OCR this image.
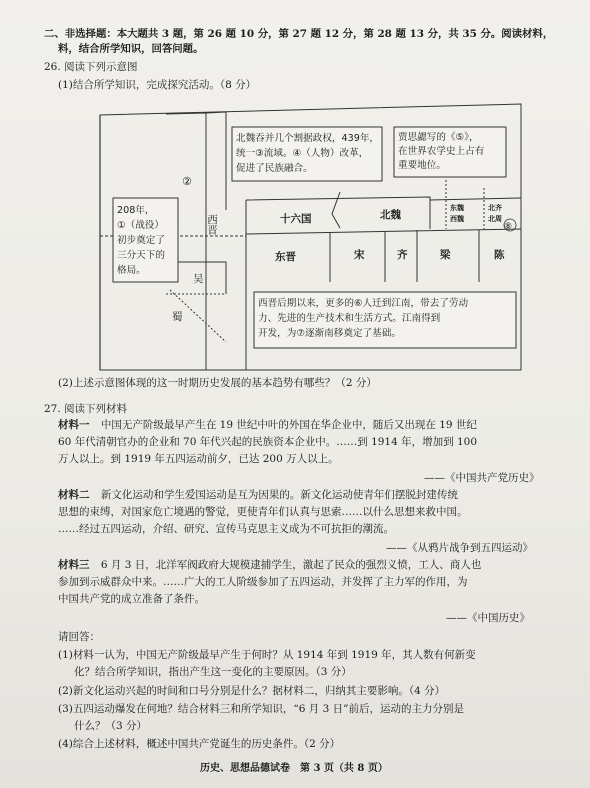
二、非选择题：本大题共 3 题，第 26 题 10 分，第 27 题 12 分，第 28 题 13 分，共 35 分。阅读材料，
料，结合所学知识，回答问题。
26. 阅读下列示意图
(1)结合所学知识，完成探究活动。（8 分）
北魏吞并几个割据政权，439年，
统一③流域。④（人物）改革，
促进了民族融合。
贾思勰写的《⑤》，
在世界农学史上占有
重要地位。
208年，
①（战役）
初步奠定了
三分天下的
格局。
西晋后期以来，更多的⑥人迁到江南，带去了劳动
力、先进的生产技术和生活方式。江南得到
开发，为⑦逐渐南移奠定了基础。
②
⑧
西晋
吴
蜀
十六国	北魏
东魏
西魏
北齐
北周
东晋	宋	齐	梁	陈
(2)上述示意图体现的这一时期历史发展的基本趋势有哪些？（2 分）
27. 阅读下列材料
材料一 中国无产阶级最早产生在 19 世纪中叶的外国在华企业中，随后又出现在 19 世纪
60 年代清朝官办的企业和 70 年代兴起的民族资本企业中。……到 1914 年，增加到 100
万人以上。到 1919 年五四运动前夕，已达 200 万人以上。
——《中国共产党历史》
材料二 新文化运动和学生爱国运动是互为因果的。新文化运动使青年们摆脱封建传统
思想的束缚，对国家危亡境遇的警觉，更使青年们认真与思索……以什么思想来救中国。
……经过五四运动，介绍、研究、宣传马克思主义成为不可抗拒的潮流。
——《从鸦片战争到五四运动》
材料三 6 月 3 日，北洋军阀政府大规模逮捕学生，激起了民众的强烈义愤，工人、商人也
参加到示威群众中来。……广大的工人阶级参加了五四运动，并发挥了主力军的作用，为
中国共产党的成立准备了条件。
——《中国历史》
请回答：
(1)材料一认为，中国无产阶级最早产生于何时？从 1914 年到 1919 年，其人数有何新变
化？结合所学知识，指出产生这一变化的主要原因。（3 分）
(2)新文化运动兴起的时间和口号分别是什么？据材料二，归纳其主要影响。（4 分）
(3)五四运动爆发在何地？结合材料三和所学知识，“6 月 3 日”前后，运动的主力分别是
什么？（3 分）
(4)综合上述材料，概述中国共产党诞生的历史条件。（2 分）
历史、思想品德试卷　第 3 页（共 8 页）
